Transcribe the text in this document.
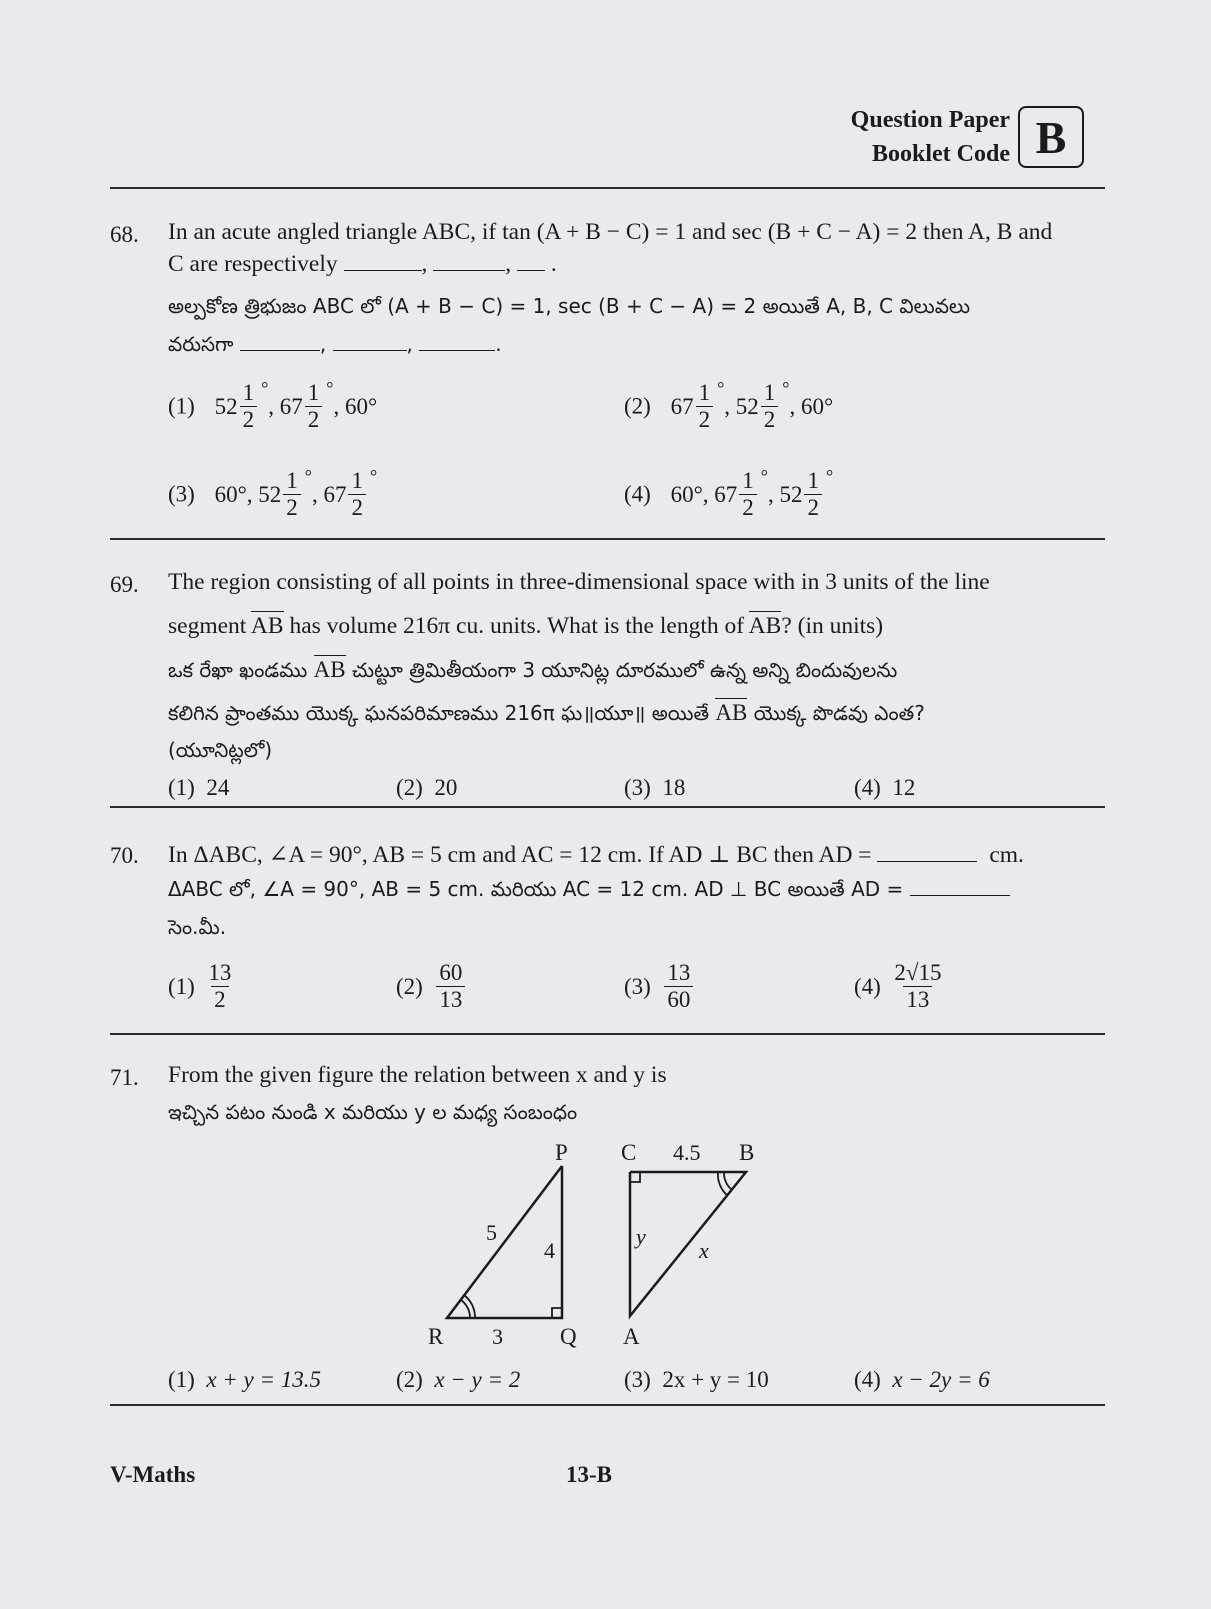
Question Paper
Booklet Code B
68. In an acute angled triangle ABC, if tan (A + B − C) = 1 and sec (B + C − A) = 2 then A, B and
C are respectively	,	,  .
అల్పకోణ త్రిభుజం ABC లో (A + B − C) = 1, sec (B + C − A) = 2 అయితే A, B, C విలువలు
వరుసగా	,	,	.
(1) $52 \frac{1}{2}$ °
,
$67 \frac{1}{2}$ °
,
60°	(2) $67 \frac{1}{2}$ °
,
$52 \frac{1}{2}$ °
,
60°
(3) 60° ,
$52 \frac{1}{2}$ °
,
$67 \frac{1}{2}$ °
(4) 60° ,
$67 \frac{1}{2}$ °
,
$52 \frac{1}{2}$ °
69. The region consisting of all points in three-dimensional space with in 3 units of the line
segment AB has volume 216π cu. units. What is the length of AB? (in units)
ఒక రేఖా ఖండము AB చుట్టూ త్రిమితీయంగా 3 యూనిట్ల దూరములో ఉన్న అన్ని బిందువులను
కలిగిన ప్రాంతము యొక్క ఘనపరిమాణము 216π ఘ॥యూ॥ అయితే AB యొక్క పొడవు ఎంత?
(యూనిట్లలో)
(1) 24	(2) 20	(3) 18	(4) 12
70. In ΔABC, ∠A = 90°, AB = 5 cm and AC = 12 cm. If AD ⊥ BC then AD =	cm.
ΔABC లో, ∠A = 90°, AB = 5 cm. మరియు AC = 12 cm. AD ⊥ BC అయితే AD =
సెం.మీ.
(1)
$\frac{13}{2}$	(2)
$\frac{60}{13}$	(3)
$\frac{13}{60}$	(4)
$\frac{2√15}{13}$
71. From the given figure the relation between x and y is
ఇచ్చిన పటం నుండి x మరియు y ల మధ్య సంబంధం
P
R	Q
5
4
3
C	B
A
4.5
y
x
(1) x + y = 13.5	(2) x − y = 2	(3) 2x + y = 10	(4) x − 2y = 6
V-Maths	13-B
